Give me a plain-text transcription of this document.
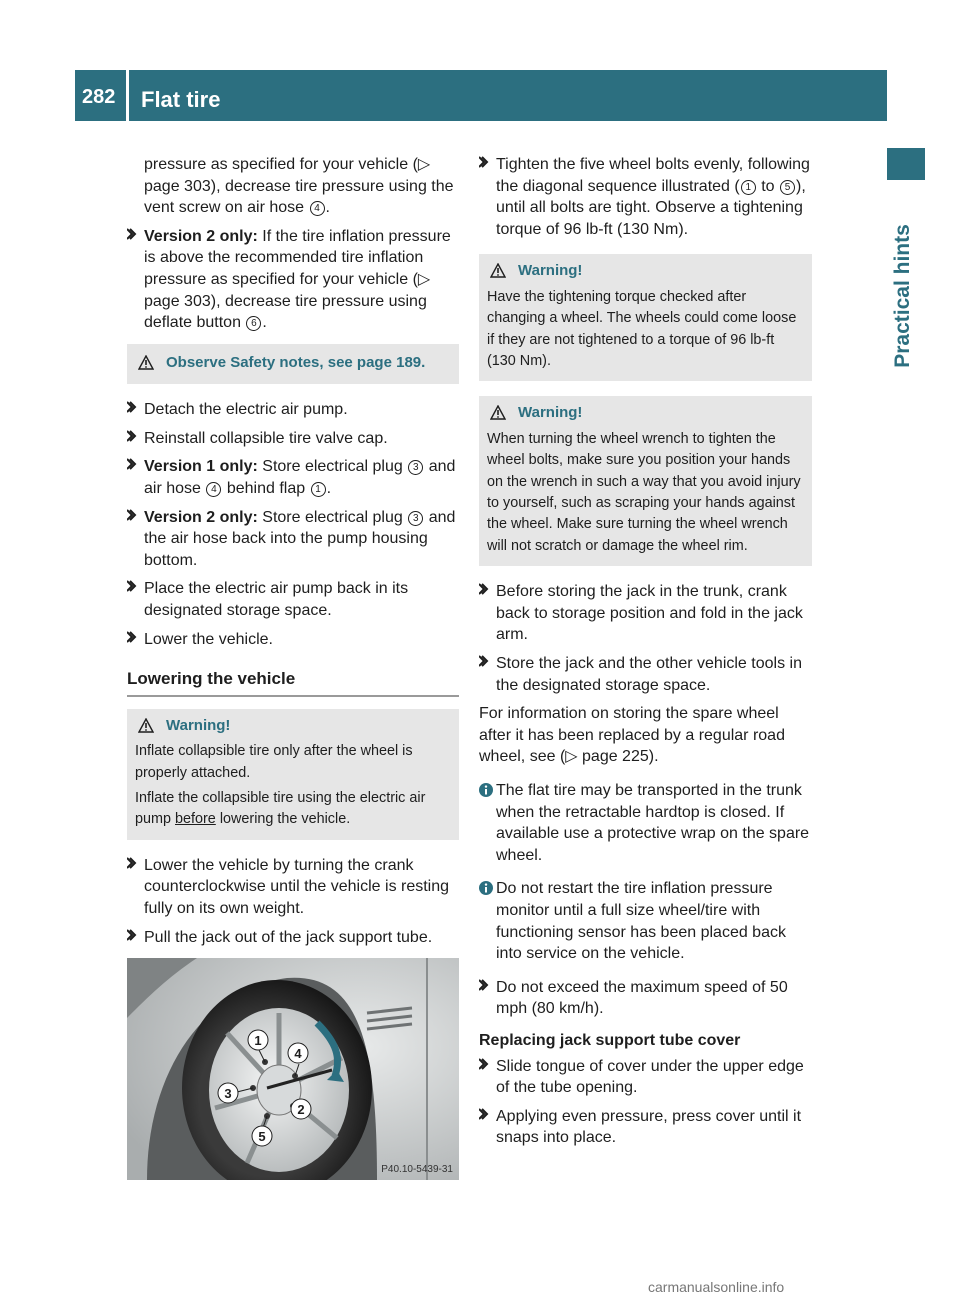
282	Flat tire
Practical hints

pressure as specified for your vehicle (▷ page 303), decrease tire pressure using the vent screw on air hose 4 .

Version 2 only: If the tire inflation pressure is above the recommended tire inflation pressure as specified for your vehicle (▷ page 303), decrease tire pressure using deflate button 6 .
Observe Safety notes, see page 189.
Detach the electric air pump.
Reinstall collapsible tire valve cap.
Version 1 only: Store electrical plug 3 and air hose 4 behind flap 1 .
Version 2 only: Store electrical plug 3 and the air hose back into the pump housing bottom.
Place the electric air pump back in its designated storage space.
Lower the vehicle.
Lowering the vehicle
Warning!

Inflate collapsible tire only after the wheel is properly attached.

Inflate the collapsible tire using the electric air pump before lowering the vehicle.

Lower the vehicle by turning the crank counterclockwise until the vehicle is resting fully on its own weight.
Pull the jack out of the jack support tube.
1
4
2
3
5
P40.10-5439-31
Tighten the five wheel bolts evenly, following the diagonal sequence illustrated ( 1 to 5 ), until all bolts are tight. Observe a tightening torque of 96 lb-ft (130 Nm).
Warning!

Have the tightening torque checked after changing a wheel. The wheels could come loose if they are not tightened to a torque of 96 lb-ft (130 Nm).

Warning!

When turning the wheel wrench to tighten the wheel bolts, make sure you position your hands on the wrench in such a way that you avoid injury to yourself, such as scraping your hands against the wheel. Make sure turning the wheel wrench will not scratch or damage the wheel rim.

Before storing the jack in the trunk, crank back to storage position and fold in the jack arm.
Store the jack and the other vehicle tools in the designated storage space.

For information on storing the spare wheel after it has been replaced by a regular road wheel, see (▷ page 225).

The flat tire may be transported in the trunk when the retractable hardtop is closed. If available use a protective wrap on the spare wheel.
Do not restart the tire inflation pressure monitor until a full size wheel/tire with functioning sensor has been placed back into service on the vehicle.
Do not exceed the maximum speed of 50 mph (80 km/h).
Replacing jack support tube cover
Slide tongue of cover under the upper edge of the tube opening.
Applying even pressure, press cover until it snaps into place.
carmanualsonline.info
